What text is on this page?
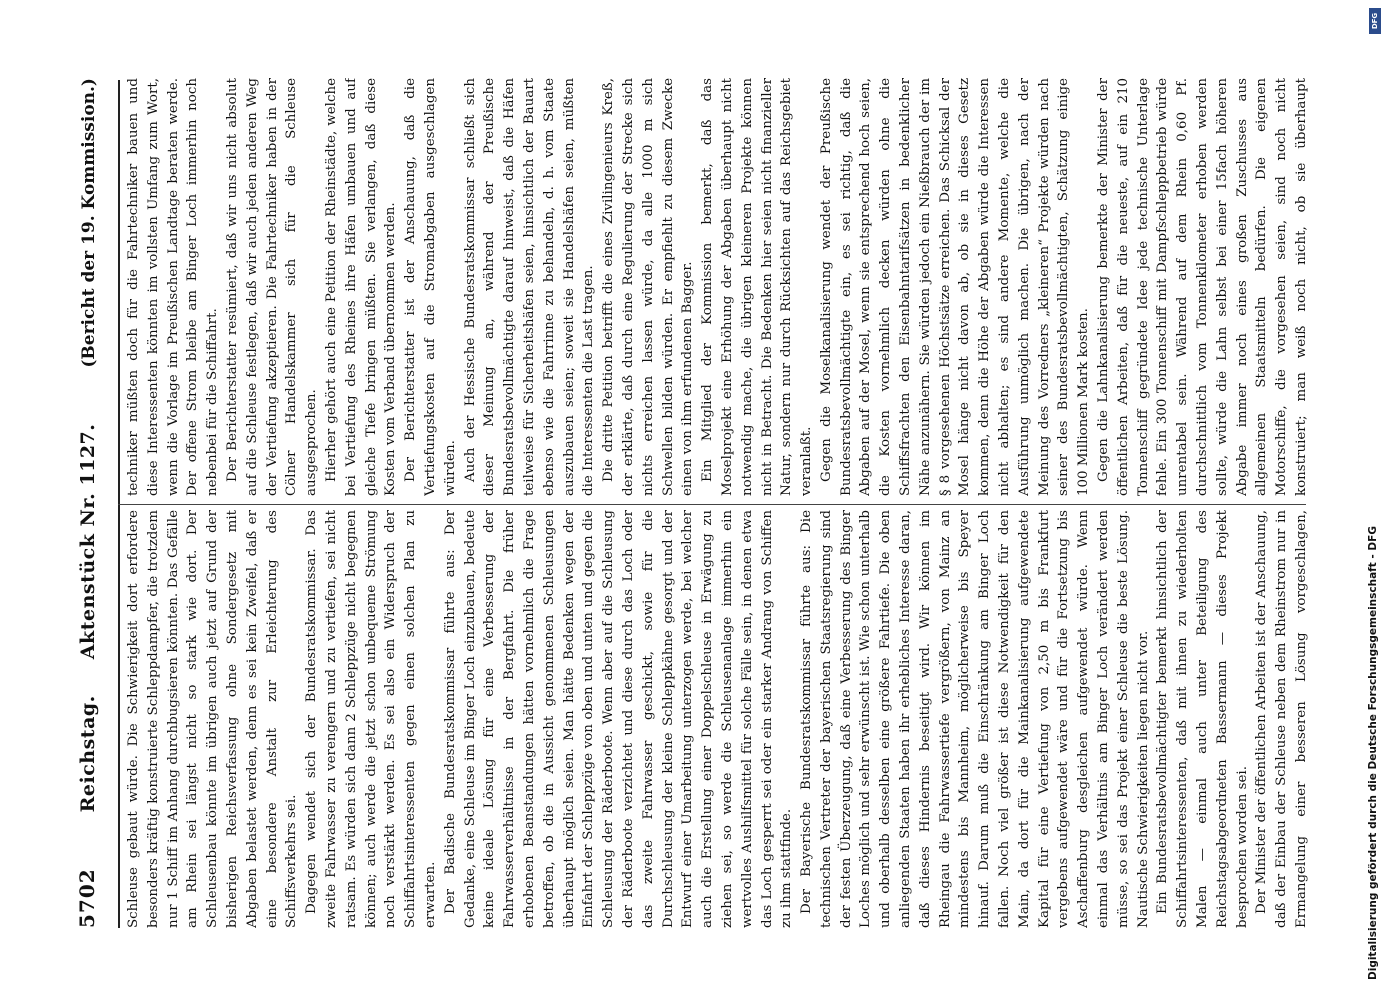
5702
Reichstag.Aktenstück Nr. 1127.
(Bericht der 19. Kommission.)

Schleuse gebaut würde. Die Schwierigkeit dort erfordere besonders kräftig konstruierte Schleppdampfer, die trotzdem nur 1 Schiff im Anhang durchbugsieren könnten. Das Gefälle am Rhein sei längst nicht so stark wie dort. Der Schleusenbau könnte im übrigen auch jetzt auf Grund der bisherigen Reichsverfassung ohne Sondergesetz mit Abgaben belastet werden, denn es sei kein Zweifel, daß er eine besondere Anstalt zur Erleichterung des Schiffsverkehrs sei. Dagegen wendet sich der Bundesratskommissar. Das zweite Fahrwasser zu verengern und zu vertiefen, sei nicht ratsam. Es würden sich dann 2 Schleppzüge nicht begegnen können; auch werde die jetzt schon unbequeme Strömung noch verstärkt werden. Es sei also ein Widerspruch der Schiffahrtsinteressenten gegen einen solchen Plan zu erwarten. Der Badische Bundesratskommissar führte aus: Der Gedanke, eine Schleuse im Binger Loch einzubauen, bedeute keine ideale Lösung für eine Verbesserung der Fahrwasserverhältnisse in der Bergfahrt. Die früher erhobenen Beanstandungen hätten vornehmlich die Frage betroffen, ob die in Aussicht genommenen Schleusungen überhaupt möglich seien. Man hätte Bedenken wegen der Einfahrt der Schleppzüge von oben und unten und gegen die Schleusung der Räderboote. Wenn aber auf die Schleusung der Räderboote verzichtet und diese durch das Loch oder das zweite Fahrwasser geschickt, sowie für die Durchschleusung der kleine Schleppkähne gesorgt und der Entwurf einer Umarbeitung unterzogen werde, bei welcher auch die Erstellung einer Doppelschleuse in Erwägung zu ziehen sei, so werde die Schleusenanlage immerhin ein wertvolles Aushilfsmittel für solche Fälle sein, in denen etwa das Loch gesperrt sei oder ein starker Andrang von Schiffen zu ihm stattfinde. Der Bayerische Bundesratskommissar führte aus: Die technischen Vertreter der bayerischen Staatsregierung sind der festen Überzeugung, daß eine Verbesserung des Binger Loches möglich und sehr erwünscht ist. Wie schon unterhalb und oberhalb desselben eine größere Fahrtiefe. Die oben anliegenden Staaten haben ihr erhebliches Interesse daran, daß dieses Hindernis beseitigt wird. Wir können im Rheingau die Fahrwassertiefe vergrößern, von Mainz an mindestens bis Mannheim, möglicherweise bis Speyer hinauf. Darum muß die Einschränkung am Binger Loch fallen. Noch viel größer ist diese Notwendigkeit für den Main, da dort für die Mainkanalisierung aufgewendete Kapital für eine Vertiefung von 2,50 m bis Frankfurt vergebens aufgewendet wäre und für die Fortsetzung bis Aschaffenburg desgleichen aufgewendet würde. Wenn einmal das Verhältnis am Binger Loch verändert werden müsse, so sei das Projekt einer Schleuse die beste Lösung. Nautische Schwierigkeiten liegen nicht vor. Ein Bundesratsbevollmächtigter bemerkt hinsichtlich der Schiffahrtsinteressenten, daß mit ihnen zu wiederholten Malen — einmal auch unter Beteiligung des Reichstagsabgeordneten Bassermann — dieses Projekt besprochen worden sei. Der Minister der öffentlichen Arbeiten ist der Anschauung, daß der Einbau der Schleuse neben dem Rheinstrom nur in Ermangelung einer besseren Lösung vorgeschlagen,

techniker müßten doch für die Fahrtechniker bauen und diese Interessenten könnten im vollsten Umfang zum Wort, wenn die Vorlage im Preußischen Landtage beraten werde. Der offene Strom bleibe am Binger Loch immerhin noch nebenbei für die Schiffahrt. Der Berichterstatter resümiert, daß wir uns nicht absolut auf die Schleuse festlegen, daß wir auch jeden anderen Weg der Vertiefung akzeptieren. Die Fahrtechniker haben in der Cölner Handelskammer sich für die Schleuse ausgesprochen. Hierher gehört auch eine Petition der Rheinstädte, welche bei Vertiefung des Rheines ihre Häfen umbauen und auf gleiche Tiefe bringen müßten. Sie verlangen, daß diese Kosten vom Verband übernommen werden. Der Berichterstatter ist der Anschauung, daß die Vertiefungskosten auf die Stromabgaben ausgeschlagen würden. Auch der Hessische Bundesratskommissar schließt sich dieser Meinung an, während der Preußische Bundesratsbevollmächtigte darauf hinweist, daß die Häfen teilweise für Sicherheitshäfen seien, hinsichtlich der Bauart ebenso wie die Fahrrinne zu behandeln, d. h. vom Staate auszubauen seien; soweit sie Handelshäfen seien, müßten die Interessenten die Last tragen. Die dritte Petition betrifft die eines Zivilingenieurs Kreß, der erklärte, daß durch eine Regulierung der Strecke sich nichts erreichen lassen würde, da alle 1000 m sich Schwellen bilden würden. Er empfiehlt zu diesem Zwecke einen von ihm erfundenen Bagger. Ein Mitglied der Kommission bemerkt, daß das Moselprojekt eine Erhöhung der Abgaben überhaupt nicht notwendig mache, die übrigen kleineren Projekte können nicht in Betracht. Die Bedenken hier seien nicht finanzieller Natur, sondern nur durch Rücksichten auf das Reichsgebiet veranlaßt. Gegen die Moselkanalisierung wendet der Preußische Bundesratsbevollmächtigte ein, es sei richtig, daß die Abgaben auf der Mosel, wenn sie entsprechend hoch seien, die Kosten vornehmlich decken würden ohne die Schiffsfrachten den Eisenbahntarifsätzen in bedenklicher Nähe anzunähern. Sie würden jedoch ein Nießbrauch der im § 8 vorgesehenen Höchstsätze erreichen. Das Schicksal der Mosel hänge nicht davon ab, ob sie in dieses Gesetz kommen, denn die Höhe der Abgaben würde die Interessen nicht abhalten; es sind andere Momente, welche die Ausführung unmöglich machen. Die übrigen, nach der Meinung des Vorredners „kleineren“ Projekte würden nach seiner des Bundesratsbevollmächtigten, Schätzung einige 100 Millionen Mark kosten. Gegen die Lahnkanalisierung bemerkte der Minister der öffentlichen Arbeiten, daß für die neueste, auf ein 210 Tonnenschiff gegründete Idee jede technische Unterlage fehle. Ein 300 Tonnenschiff mit Dampfschleppbetrieb würde unrentabel sein. Während auf dem Rhein 0,60 Pf. durchschnittlich vom Tonnenkilometer erhoben werden sollte, würde die Lahn selbst bei einer 15fach höheren Abgabe immer noch eines großen Zuschusses aus allgemeinen Staatsmitteln bedürfen. Die eigenen Motorschiffe, die vorgesehen seien, sind noch nicht konstruiert; man weiß noch nicht, ob sie überhaupt

DFG
Digitalisierung gefördert durch die Deutsche Forschungsgemeinschaft - DFG
